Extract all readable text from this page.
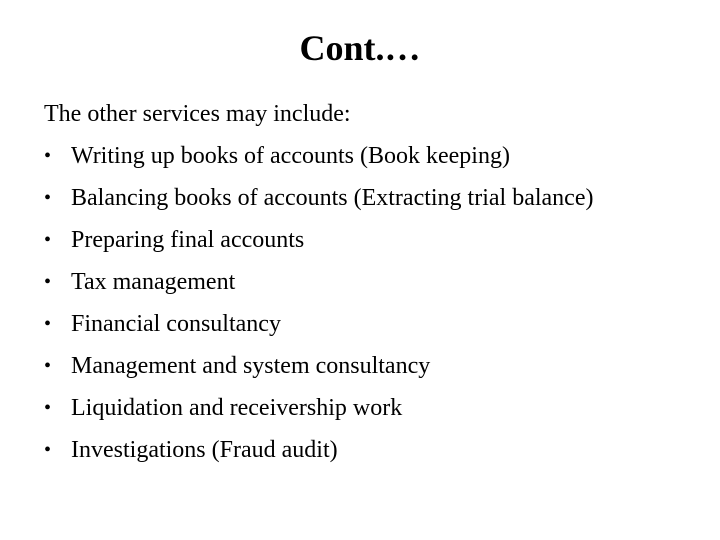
Cont.…
The other services may include:
• Writing up books of accounts (Book keeping)
• Balancing books of accounts (Extracting trial balance)
• Preparing final accounts
• Tax management
• Financial consultancy
• Management and system consultancy
• Liquidation and receivership work
• Investigations (Fraud audit)
